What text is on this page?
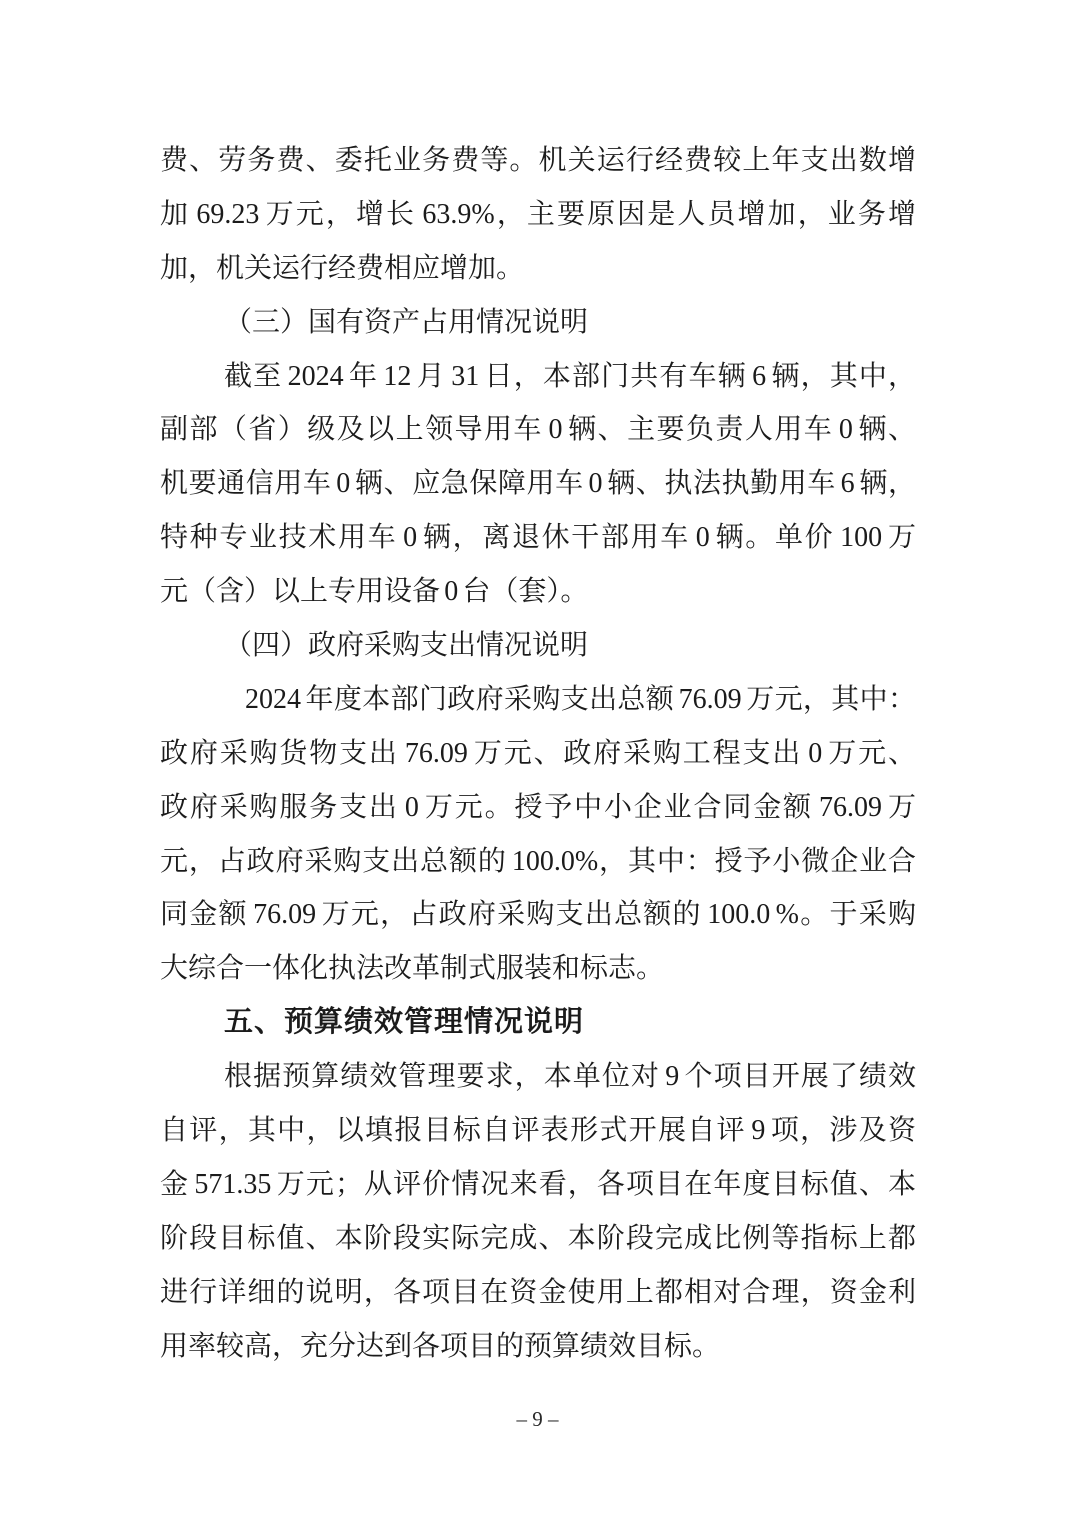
费、劳务费、委托业务费等。机关运行经费较上年支出数增
加 69.23 万元，增长 63.9%，主要原因是人员增加，业务增
加，机关运行经费相应增加。
（三）国有资产占用情况说明
截至 2024 年 12 月 31 日，本部门共有车辆 6 辆，其中，
副部（省）级及以上领导用车 0 辆、主要负责人用车 0 辆、
机要通信用车 0 辆、应急保障用车 0 辆、执法执勤用车 6 辆，
特种专业技术用车 0 辆，离退休干部用车 0 辆。单价 100 万
元（含）以上专用设备 0 台（套）。
（四）政府采购支出情况说明
2024 年度本部门政府采购支出总额 76.09 万元，其中：
政府采购货物支出 76.09 万元、政府采购工程支出 0 万元、
政府采购服务支出 0 万元。授予中小企业合同金额 76.09 万
元，占政府采购支出总额的 100.0%，其中：授予小微企业合
同金额 76.09 万元，占政府采购支出总额的 100.0 %。于采购
大综合一体化执法改革制式服装和标志。
五、预算绩效管理情况说明
根据预算绩效管理要求，本单位对 9 个项目开展了绩效
自评，其中，以填报目标自评表形式开展自评 9 项，涉及资
金 571.35 万元；从评价情况来看，各项目在年度目标值、本
阶段目标值、本阶段实际完成、本阶段完成比例等指标上都
进行详细的说明，各项目在资金使用上都相对合理，资金利
用率较高，充分达到各项目的预算绩效目标。
– 9 –
